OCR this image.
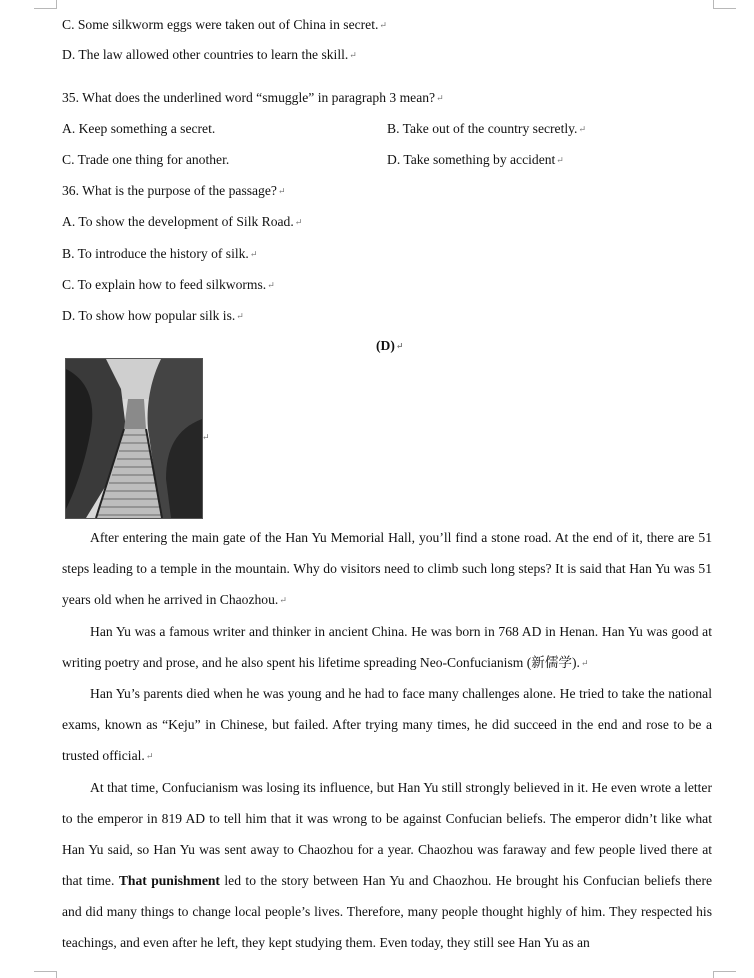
C. Some silkworm eggs were taken out of China in secret. ↵
D. The law allowed other countries to learn the skill. ↵
35. What does the underlined word “smuggle” in paragraph 3 mean? ↵
A. Keep something a secret.	B. Take out of the country secretly. ↵
C. Trade one thing for another.	D. Take something by accident ↵
36. What is the purpose of the passage? ↵
A. To show the development of Silk Road. ↵
B. To introduce the history of silk. ↵
C. To explain how to feed silkworms. ↵
D. To show how popular silk is. ↵
(D) ↵
↵
After entering the main gate of the Han Yu Memorial Hall, you’ll find a stone road. At the end of it, there are 51 steps leading to a temple in the mountain. Why do visitors need to climb such long steps? It is said that Han Yu was 51 years old when he arrived in Chaozhou. ↵
Han Yu was a famous writer and thinker in ancient China. He was born in 768 AD in Henan. Han Yu was good at writing poetry and prose, and he also spent his lifetime spreading Neo-Confucianism (新儒学). ↵
Han Yu’s parents died when he was young and he had to face many challenges alone. He tried to take the national exams, known as “Keju” in Chinese, but failed. After trying many times, he did succeed in the end and rose to be a trusted official. ↵
At that time, Confucianism was losing its influence, but Han Yu still strongly believed in it. He even wrote a letter to the emperor in 819 AD to tell him that it was wrong to be against Confucian beliefs. The emperor didn’t like what Han Yu said, so Han Yu was sent away to Chaozhou for a year. Chaozhou was faraway and few people lived there at that time. That punishment led to the story between Han Yu and Chaozhou. He brought his Confucian beliefs there and did many things to change local people’s lives. Therefore, many people thought highly of him. They respected his teachings, and even after he left, they kept studying them. Even today, they still see Han Yu as an
